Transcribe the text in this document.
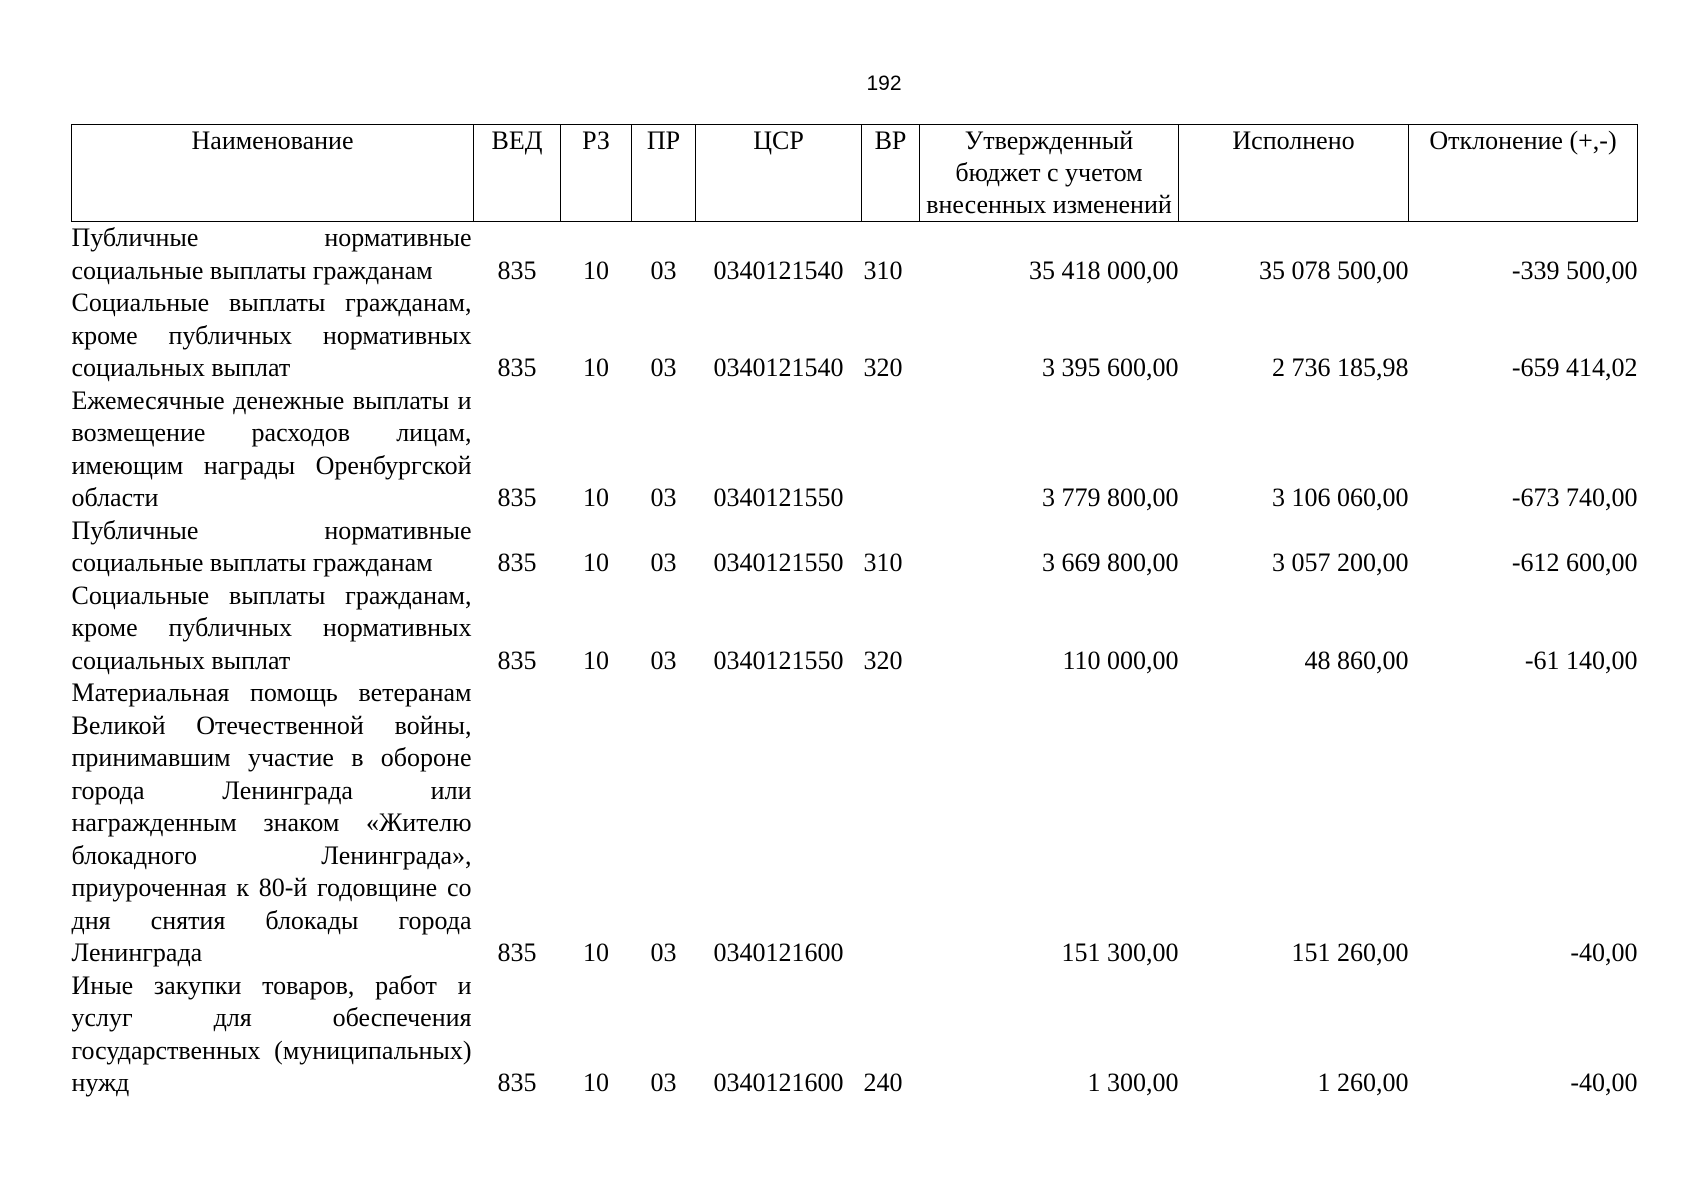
192
Наименование	ВЕД	РЗ	ПР	ЦСР	ВР	Утвержденный бюджет с учетом внесенных изменений	Исполнено	Отклонение (+,-)
Публичные нормативные социальные выплаты гражданам	835	10	03	0340121540	310	35 418 000,00	35 078 500,00	-339 500,00
Социальные выплаты гражданам, кроме публичных нормативных социальных выплат	835	10	03	0340121540	320	3 395 600,00	2 736 185,98	-659 414,02
Ежемесячные денежные выплаты и возмещение расходов лицам, имеющим награды Оренбургской области	835	10	03	0340121550		3 779 800,00	3 106 060,00	-673 740,00
Публичные нормативные социальные выплаты гражданам	835	10	03	0340121550	310	3 669 800,00	3 057 200,00	-612 600,00
Социальные выплаты гражданам, кроме публичных нормативных социальных выплат	835	10	03	0340121550	320	110 000,00	48 860,00	-61 140,00
Материальная помощь ветеранам Великой Отечественной войны, принимавшим участие в обороне города Ленинграда или награжденным знаком «Жителю блокадного Ленинграда», приуроченная к 80-й годовщине со дня снятия блокады города Ленинграда	835	10	03	0340121600		151 300,00	151 260,00	-40,00
Иные закупки товаров, работ и услуг для обеспечения государственных (муниципальных) нужд	835	10	03	0340121600	240	1 300,00	1 260,00	-40,00
